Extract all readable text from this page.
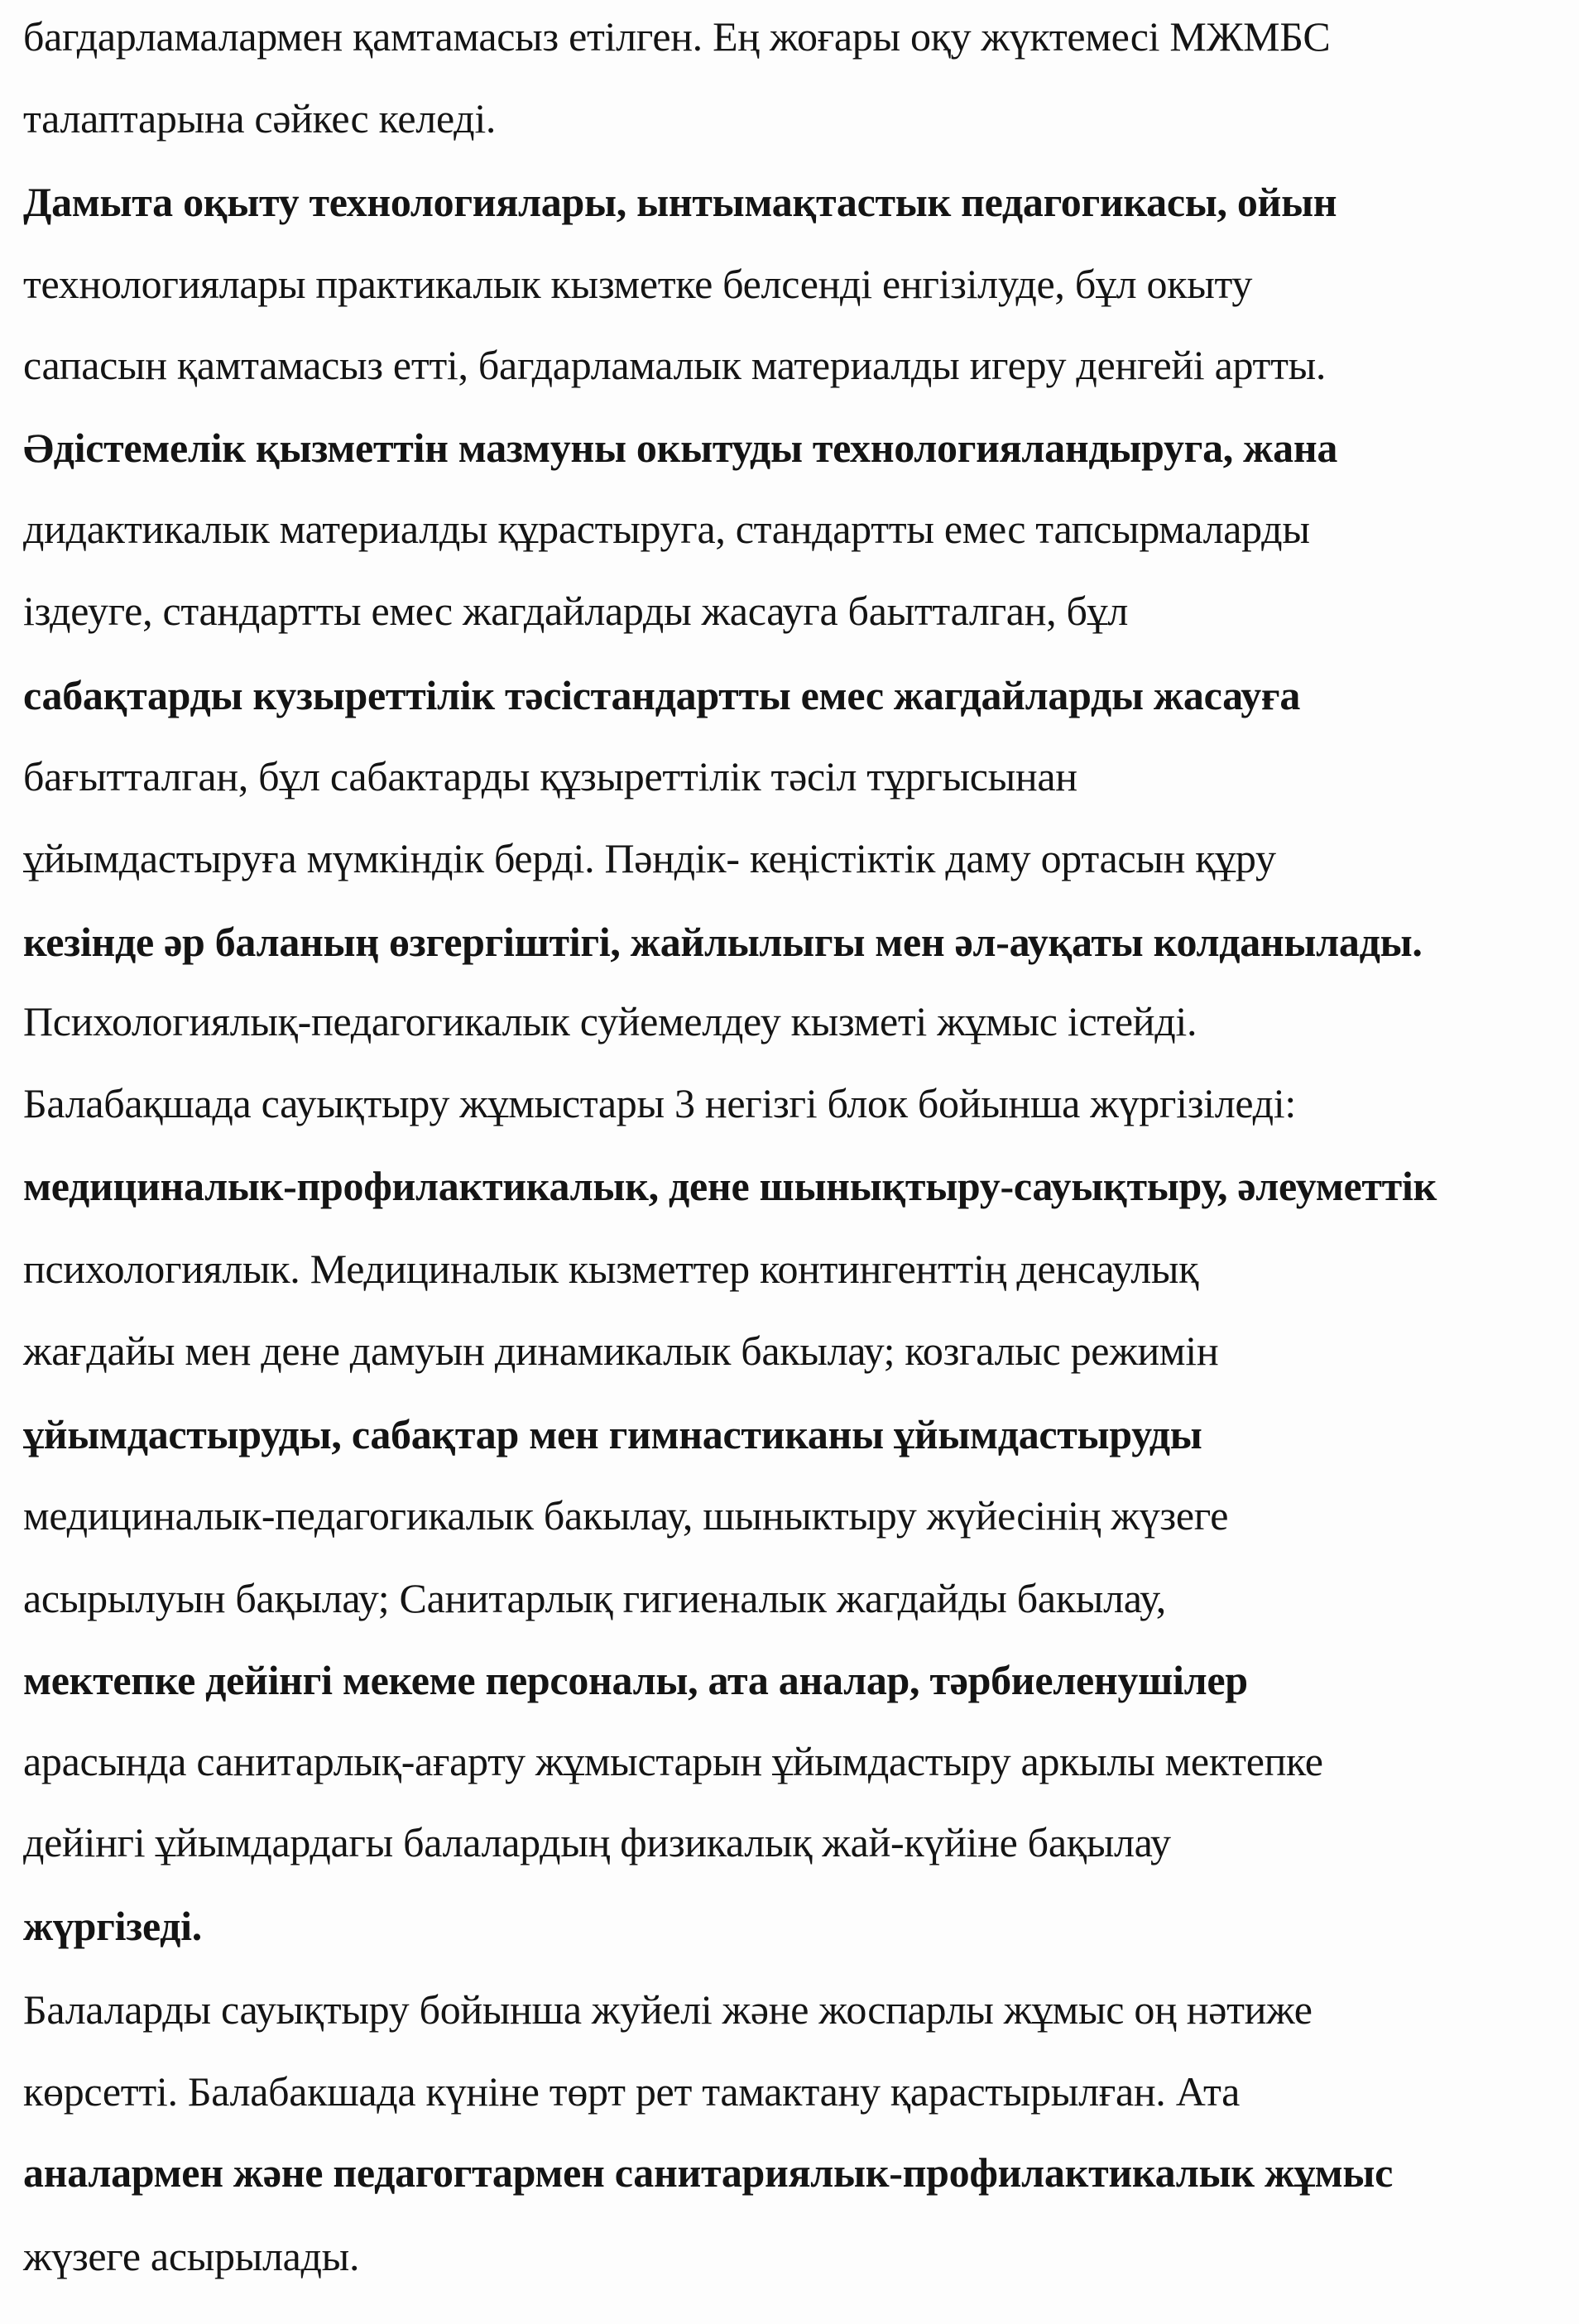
багдарламалармен қамтамасыз етілген. Ең жоғары оқу жүктемесі МЖМБС

талаптарына сәйкес келеді.

Дамыта оқыту технологиялары, ынтымақтастык педагогикасы, ойын

технологиялары практикалык кызметке белсенді енгізілуде, бұл окыту

сапасын қамтамасыз етті, багдарламалык материалды игеру денгейі артты.

Әдістемелік қызметтін мазмуны окытуды технологияландыруга, жана

дидактикалык материалды құрастыруга, стандартты емес тапсырмаларды

іздеуге, стандартты емес жагдайларды жасауга баытталган, бұл

сабақтарды кузыреттілік тәсістандартты емес жагдайларды жасауға

бағытталган, бұл сабактарды құзыреттілік тәсіл тұргысынан

ұйымдастыруға мүмкіндік берді. Пәндік- кеңістіктік даму ортасын құру

кезінде әр баланың өзгергіштігі, жайлылыгы мен әл-ауқаты колданылады.

Психологиялық-педагогикалык суйемелдеу кызметі жұмыс істейді.

Балабақшада сауықтыру жұмыстары 3 негізгі блок бойынша жүргізіледі:

медициналык-профилактикалык, дене шынықтыру-сауықтыру, әлеуметтік

психологиялык. Медициналык кызметтер контингенттің денсаулық

жағдайы мен дене дамуын динамикалык бакылау; козгалыс режимін

ұйымдастыруды, сабақтар мен гимнастиканы ұйымдастыруды

медициналык-педагогикалык бакылау, шыныктыру жүйесінің жүзеге

асырылуын бақылау; Санитарлық гигиеналык жагдайды бакылау,

мектепке дейінгі мекеме персоналы, ата аналар, тәрбиеленушілер

арасында санитарлық-ағарту жұмыстарын ұйымдастыру аркылы мектепке

дейінгі ұйымдардагы балалардың физикалық жай-күйіне бақылау

жүргізеді.

Балаларды сауықтыру бойынша жуйелі және жоспарлы жұмыс оң нәтиже

көрсетті. Балабакшада күніне төрт рет тамактану қарастырылған. Ата

аналармен және педагогтармен санитариялык-профилактикалык жұмыс

жүзеге асырылады.
